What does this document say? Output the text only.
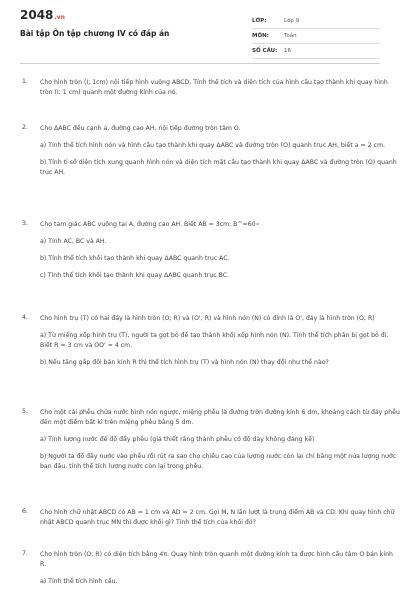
2048.vn
Bài tập Ôn tập chương IV có đáp án
LỚP:	Lớp 9
MÔN:	Toán
SỐ CÂU:	16
1. Cho hình tròn (I; 1cm) nội tiếp hình vuông ABCD. Tính thể tích và diện tích của hình cầu tạo thành khi quay hình tròn (I; 1 cm) quanh một đường kính của nó.
2. Cho ΔABC đều cạnh a, đường cao AH, nội tiếp đường tròn tâm O.
a) Tính thể tích hình nón và hình cầu tạo thành khi quay ΔABC và đường tròn (O) quanh trục AH, biết a = 2 cm.
b) Tính tỉ số diện tích xung quanh hình nón và diện tích mặt cầu tạo thành khi quay ΔABC và đường tròn (O) quanh trục AH.
3. Cho tam giác ABC vuông tại A, đường cao AH. Biết AB = 3cm, B^=60∘
a) Tính AC, BC và AH.
b) Tính thể tích khối tạo thành khi quay ΔABC quanh trục AC.
c) Tính thể tích khối tạo thành khi quay ΔABC quanh trục BC.
4. Cho hình trụ (T) có hai đáy là hình tròn (O; R) và (O'; R) và hình nón (N) có đỉnh là O', đáy là hình tròn (O; R)
a) Từ miếng xốp hình trụ (T), người ta gọt bỏ để tạo thành khối xốp hình nón (N). Tính thể tích phần bị gọt bỏ đi. Biết R = 3 cm và OO' = 4 cm.
b) Nếu tăng gấp đôi bán kính R thì thể tích hình trụ (T) và hình nón (N) thay đổi như thế nào?
5. Cho một cái phễu chứa nước hình nón ngược, miệng phễu là đường tròn đường kính 6 dm, khoảng cách từ đáy phễu đến một điểm bất kì trên miệng phễu bằng 5 dm.
a) Tính lượng nước để đổ đầy phễu (giả thiết rằng thành phễu có độ dày không đáng kể)
b) Người ta đổ đầy nước vào phễu rồi rút ra sao cho chiều cao của lượng nước còn lại chỉ bằng một nửa lượng nước ban đầu. tính thể tích lượng nước còn lại trong phễu.
6. Cho hình chữ nhật ABCD có AB = 1 cm và AD = 2 cm. Gọi M, N lần lượt là trung điểm AB và CD. Khi quay hình chữ nhật ABCD quanh trục MN thì được khối gì? Tính thể tích của khối đó?
7. Cho hình tròn (O; R) có diện tích bằng 4π. Quay hình tròn quanh một đường kính ta được hình cầu tâm O bán kính R.
a) Tính thể tích hình cầu.
